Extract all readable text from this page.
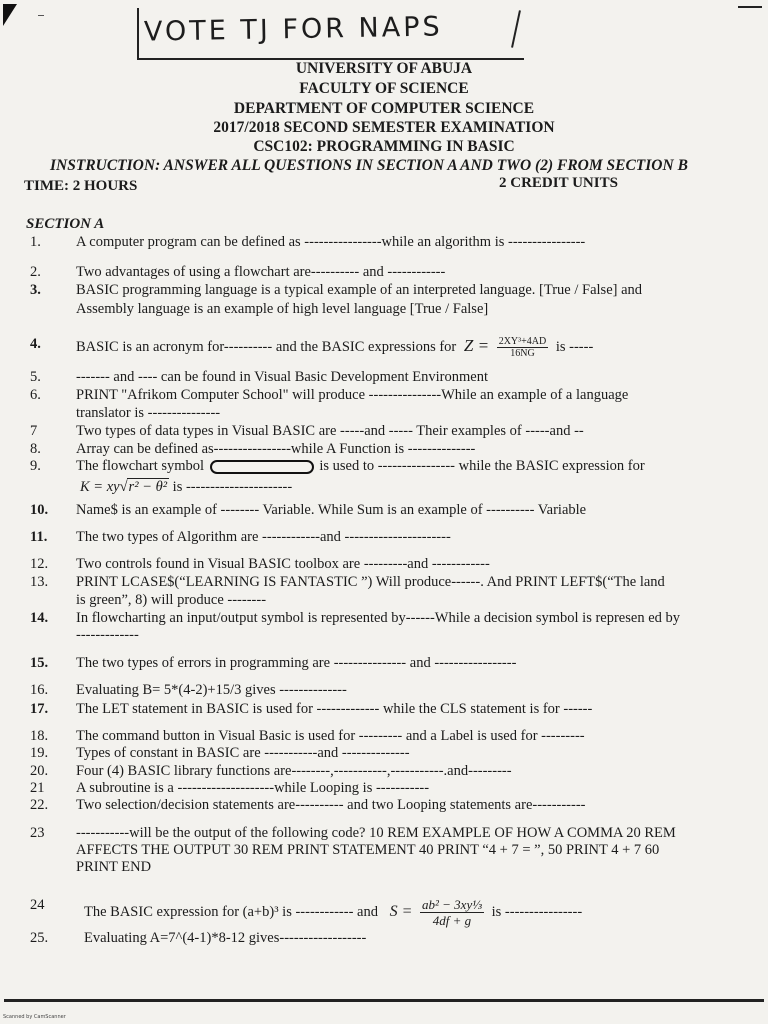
VOTE TJ FOR NAPS
UNIVERSITY OF ABUJA
FACULTY OF SCIENCE
DEPARTMENT OF COMPUTER SCIENCE
2017/2018 SECOND SEMESTER EXAMINATION
CSC102: PROGRAMMING IN BASIC
INSTRUCTION: ANSWER ALL QUESTIONS IN SECTION A AND TWO (2) FROM SECTION B
TIME: 2 HOURS	2 CREDIT UNITS
SECTION A
1.	A computer program can be defined as ----------------while an algorithm is ----------------
2.	Two advantages of using a flowchart are---------- and ------------
3.	BASIC programming language is a typical example of an interpreted language. [True / False] and
Assembly language is an example of high level language [True / False]
4.	BASIC is an acronym for---------- and the BASIC expressions for $Z = \frac{\text{2XY³+4AD}}{16NG}$ is -----
5.	------- and ---- can be found in Visual Basic Development Environment
6.	PRINT "Afrikom Computer School" will produce ---------------While an example of a language
translator is ---------------
7	Two types of data types in Visual BASIC are -----and ----- Their examples of -----and --
8.	Array can be defined as----------------while A Function is --------------
9.	The flowchart symbol	is used to ---------------- while the BASIC expression for
K = xy√r² − θ² is ----------------------
10.	Name$ is an example of -------- Variable. While Sum is an example of ---------- Variable
11.	The two types of Algorithm are ------------and ----------------------
12.	Two controls found in Visual BASIC toolbox are ---------and ------------
13.	PRINT LCASE$(“LEARNING IS FANTASTIC ”) Will produce------. And PRINT LEFT$(“The land
is green”, 8) will produce --------
14.	In flowcharting an input/output symbol is represented by------While a decision symbol is represen ed by
-------------
15.	The two types of errors in programming are --------------- and -----------------
16.	Evaluating B= 5*(4-2)+15/3 gives --------------
17.	The LET statement in BASIC is used for ------------- while the CLS statement is for ------
18.	The command button in Visual Basic is used for --------- and a Label is used for ---------
19.	Types of constant in BASIC are -----------and --------------
20.	Four (4) BASIC library functions are--------,-----------,-----------.and---------
21	A subroutine is a --------------------while Looping is -----------
22.	Two selection/decision statements are---------- and two Looping statements are-----------
23	-----------will be the output of the following code? 10 REM EXAMPLE OF HOW A COMMA 20 REM
AFFECTS THE OUTPUT 30 REM PRINT STATEMENT 40 PRINT “4 + 7 = ”, 50 PRINT 4 + 7 60
PRINT END
24	The BASIC expression for (a+b)³ is ------------ and $S = \frac{\text{ab² − 3xy⅓}}{4df + g}$ is ----------------
25.	Evaluating A=7^(4-1)*8-12 gives------------------
Scanned by CamScanner
